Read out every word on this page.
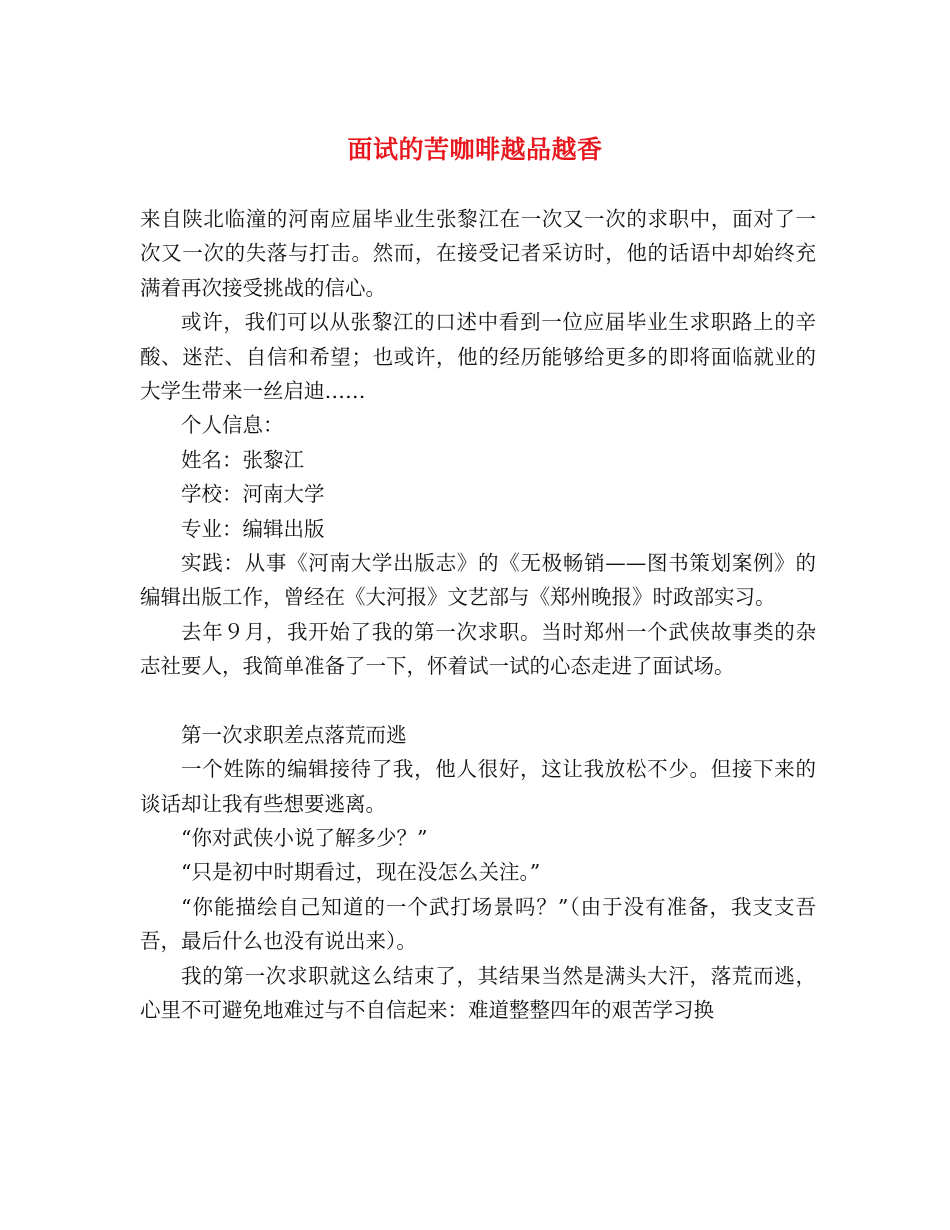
面试的苦咖啡越品越香

来自陕北临潼的河南应届毕业生张黎江在一次又一次的求职中，面对了一次又一次的失落与打击。然而，在接受记者采访时，他的话语中却始终充满着再次接受挑战的信心。

或许，我们可以从张黎江的口述中看到一位应届毕业生求职路上的辛酸、迷茫、自信和希望；也或许，他的经历能够给更多的即将面临就业的大学生带来一丝启迪……

个人信息：

姓名：张黎江

学校：河南大学

专业：编辑出版

实践：从事《河南大学出版志》的《无极畅销——图书策划案例》的编辑出版工作，曾经在《大河报》文艺部与《郑州晚报》时政部实习。

去年９月，我开始了我的第一次求职。当时郑州一个武侠故事类的杂志社要人，我简单准备了一下，怀着试一试的心态走进了面试场。

第一次求职差点落荒而逃

一个姓陈的编辑接待了我，他人很好，这让我放松不少。但接下来的谈话却让我有些想要逃离。

“你对武侠小说了解多少？”

“只是初中时期看过，现在没怎么关注。”

“你能描绘自己知道的一个武打场景吗？”（由于没有准备，我支支吾吾，最后什么也没有说出来）。

我的第一次求职就这么结束了，其结果当然是满头大汗，落荒而逃，心里不可避免地难过与不自信起来：难道整整四年的艰苦学习换
